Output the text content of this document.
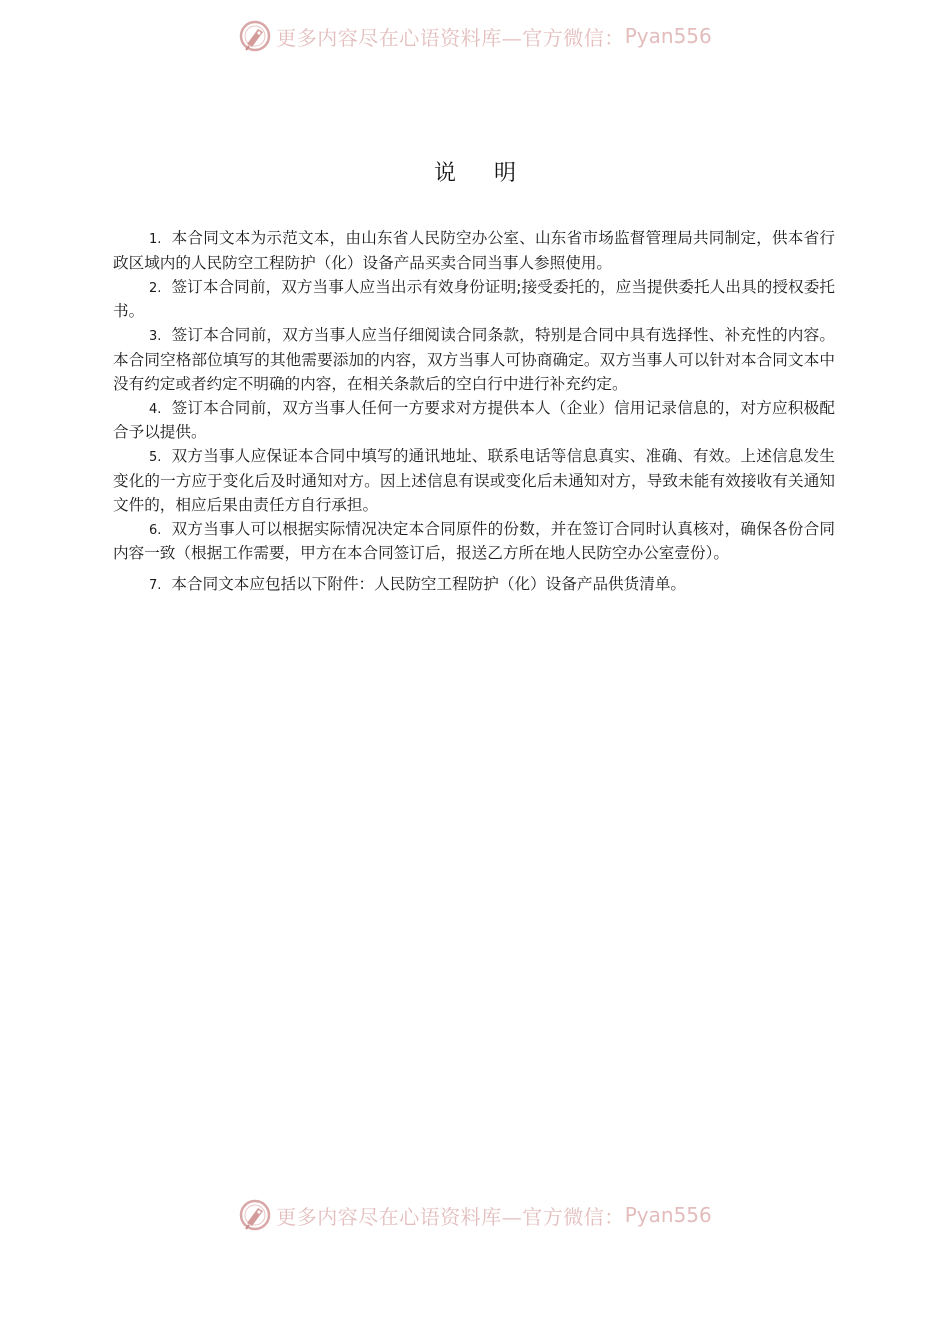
更多内容尽在心语资料库—官方微信： Pyan556
说明

1. 本合同文本为示范文本，由山东省人民防空办公室、山东省市场监督管理局共同制定，供本省行政区域内的人民防空工程防护（化）设备产品买卖合同当事人参照使用。

2. 签订本合同前，双方当事人应当出示有效身份证明;接受委托的，应当提供委托人出具的授权委托书。

3. 签订本合同前，双方当事人应当仔细阅读合同条款，特别是合同中具有选择性、补充性的内容。本合同空格部位填写的其他需要添加的内容，双方当事人可协商确定。双方当事人可以针对本合同文本中没有约定或者约定不明确的内容，在相关条款后的空白行中进行补充约定。

4. 签订本合同前，双方当事人任何一方要求对方提供本人（企业）信用记录信息的，对方应积极配合予以提供。

5. 双方当事人应保证本合同中填写的通讯地址、联系电话等信息真实、准确、有效。上述信息发生变化的一方应于变化后及时通知对方。因上述信息有误或变化后未通知对方，导致未能有效接收有关通知文件的，相应后果由责任方自行承担。

6. 双方当事人可以根据实际情况决定本合同原件的份数，并在签订合同时认真核对，确保各份合同内容一致（根据工作需要，甲方在本合同签订后，报送乙方所在地人民防空办公室壹份）。

7. 本合同文本应包括以下附件：人民防空工程防护（化）设备产品供货清单。

更多内容尽在心语资料库—官方微信： Pyan556
